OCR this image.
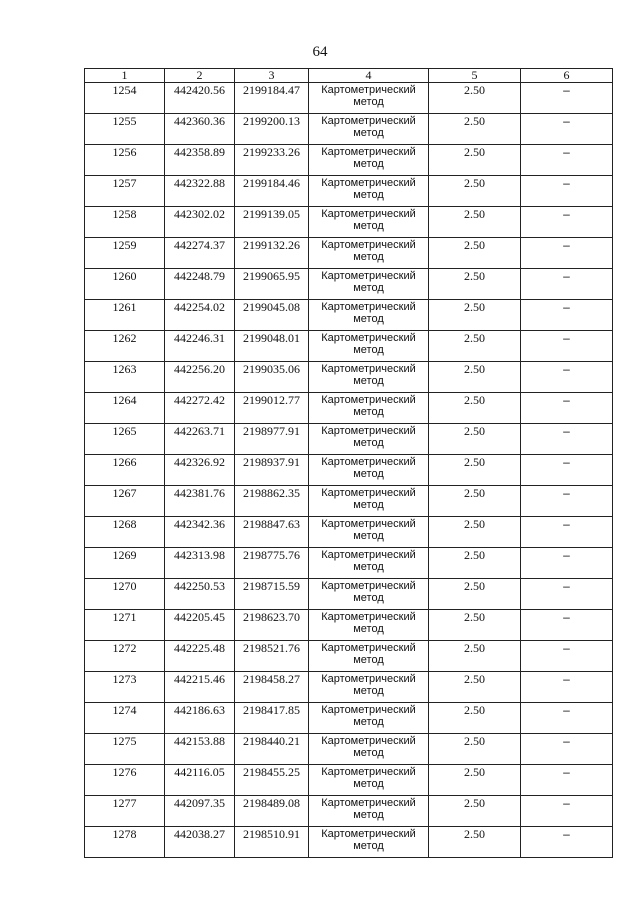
64
1	2	3	4	5	6
1254	442420.56	2199184.47	Картометрический метод	2.50	–
1255	442360.36	2199200.13	Картометрический метод	2.50	–
1256	442358.89	2199233.26	Картометрический метод	2.50	–
1257	442322.88	2199184.46	Картометрический метод	2.50	–
1258	442302.02	2199139.05	Картометрический метод	2.50	–
1259	442274.37	2199132.26	Картометрический метод	2.50	–
1260	442248.79	2199065.95	Картометрический метод	2.50	–
1261	442254.02	2199045.08	Картометрический метод	2.50	–
1262	442246.31	2199048.01	Картометрический метод	2.50	–
1263	442256.20	2199035.06	Картометрический метод	2.50	–
1264	442272.42	2199012.77	Картометрический метод	2.50	–
1265	442263.71	2198977.91	Картометрический метод	2.50	–
1266	442326.92	2198937.91	Картометрический метод	2.50	–
1267	442381.76	2198862.35	Картометрический метод	2.50	–
1268	442342.36	2198847.63	Картометрический метод	2.50	–
1269	442313.98	2198775.76	Картометрический метод	2.50	–
1270	442250.53	2198715.59	Картометрический метод	2.50	–
1271	442205.45	2198623.70	Картометрический метод	2.50	–
1272	442225.48	2198521.76	Картометрический метод	2.50	–
1273	442215.46	2198458.27	Картометрический метод	2.50	–
1274	442186.63	2198417.85	Картометрический метод	2.50	–
1275	442153.88	2198440.21	Картометрический метод	2.50	–
1276	442116.05	2198455.25	Картометрический метод	2.50	–
1277	442097.35	2198489.08	Картометрический метод	2.50	–
1278	442038.27	2198510.91	Картометрический метод	2.50	–
